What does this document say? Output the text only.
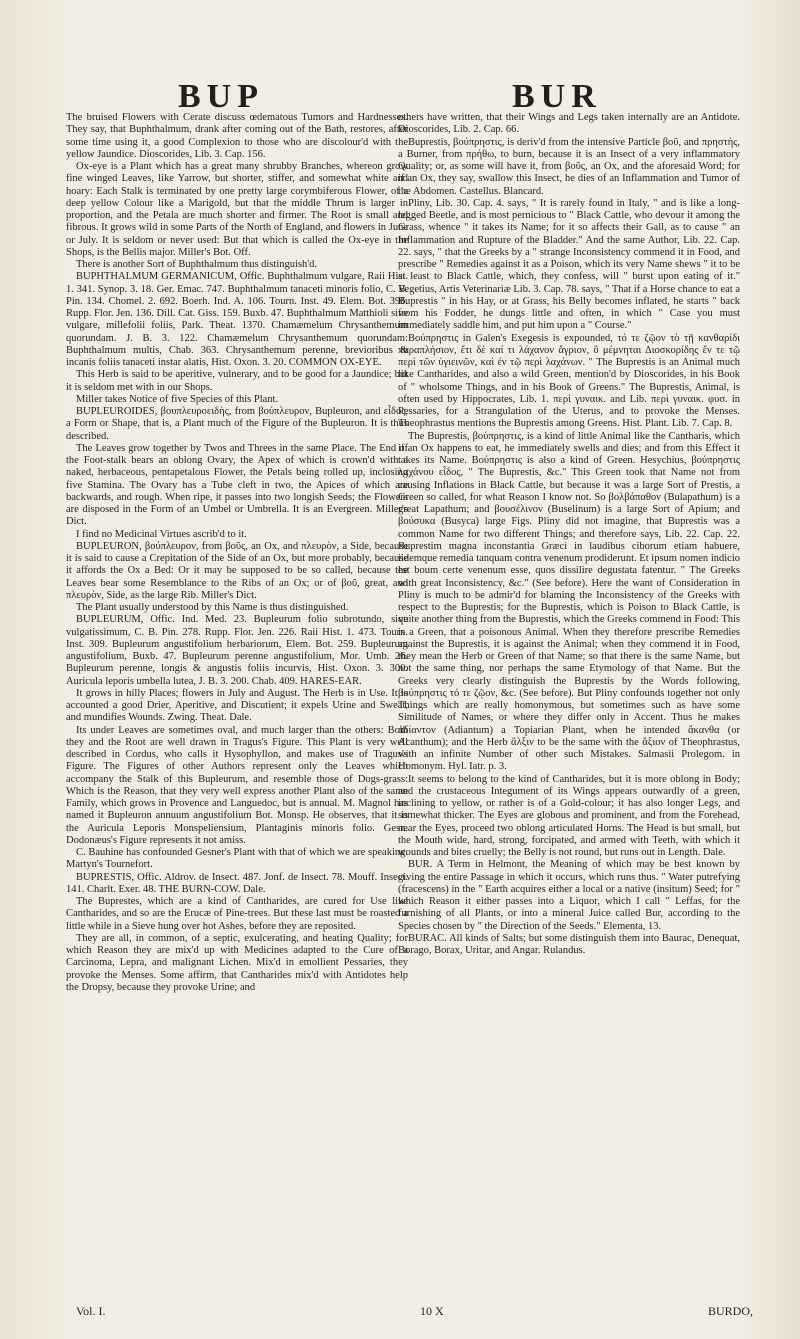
BUP	BUR

The bruised Flowers with Cerate discuss œdematous Tumors and Hardnesses. They say, that Buphthalmum, drank after coming out of the Bath, restores, after some time using it, a good Complexion to those who are discolour'd with the yellow Jaundice. Dioscorides, Lib. 3. Cap. 156.

Ox-eye is a Plant which has a great many shrubby Branches, whereon grow fine winged Leaves, like Yarrow, but shorter, stiffer, and somewhat white and hoary: Each Stalk is terminated by one pretty large corymbiferous Flower, of a deep yellow Colour like a Marigold, but that the middle Thrum is larger in proportion, and the Petala are much shorter and firmer. The Root is small and fibrous. It grows wild in some Parts of the North of England, and flowers in June or July. It is seldom or never used: But that which is called the Ox-eye in the Shops, is the Bellis major. Miller's Bot. Off.

There is another Sort of Buphthalmum thus distinguish'd.

BUPHTHALMUM GERMANICUM, Offic. Buphthalmum vulgare, Raii Hist. 1. 341. Synop. 3. 18. Ger. Emac. 747. Buphthalmum tanaceti minoris folio, C. B. Pin. 134. Chomel. 2. 692. Boerh. Ind. A. 106. Tourn. Inst. 49. Elem. Bot. 396. Rupp. Flor. Jen. 136. Dill. Cat. Giss. 159. Buxb. 47. Buphthalmum Matthioli sive vulgare, millefolii foliis, Park. Theat. 1370. Chamæmelum Chrysanthemum quorundam. J. B. 3. 122. Chamæmelum Chrysanthemum quorundam: Buphthalmum multis, Chab. 363. Chrysanthemum perenne, brevioribus & incanis foliis tanaceti instar alatis, Hist. Oxon. 3. 20. COMMON OX-EYE.

This Herb is said to be aperitive, vulnerary, and to be good for a Jaundice; but it is seldom met with in our Shops.

Miller takes Notice of five Species of this Plant.

BUPLEUROIDES, βουπλευροειδὴς, from βούπλευρον, Bupleuron, and εἶδος, a Form or Shape, that is, a Plant much of the Figure of the Bupleuron. It is thus described.

The Leaves grow together by Twos and Threes in the same Place. The End of the Foot-stalk bears an oblong Ovary, the Apex of which is crown'd with a naked, herbaceous, pentapetalous Flower, the Petals being rolled up, inclosing five Stamina. The Ovary has a Tube cleft in two, the Apices of which are backwards, and rough. When ripe, it passes into two longish Seeds; the Flowers are disposed in the Form of an Umbel or Umbrella. It is an Evergreen. Miller's Dict.

I find no Medicinal Virtues ascrib'd to it.

BUPLEURON, βούπλευρον, from βοῦς, an Ox, and πλευρὸν, a Side, because it is said to cause a Crepitation of the Side of an Ox, but more probably, because it affords the Ox a Bed: Or it may be supposed to be so called, because the Leaves bear some Resemblance to the Ribs of an Ox; or of βοῦ, great, and πλευρὸν, Side, as the large Rib. Miller's Dict.

The Plant usually understood by this Name is thus distinguished.

BUPLEURUM, Offic. Ind. Med. 23. Bupleurum folio subrotundo, sive vulgatissimum, C. B. Pin. 278. Rupp. Flor. Jen. 226. Raii Hist. 1. 473. Tourn. Inst. 309. Bupleurum angustifolium herbariorum, Elem. Bot. 259. Bupleurum angustifolium, Buxb. 47. Bupleurum perenne angustifolium, Mor. Umb. 26. Bupleurum perenne, longis & angustis foliis incurvis, Hist. Oxon. 3. 300. Auricula leporis umbella lutea, J. B. 3. 200. Chab. 409. HARES-EAR.

It grows in hilly Places; flowers in July and August. The Herb is in Use. It is accounted a good Drier, Aperitive, and Discutient; it expels Urine and Sweat, and mundifies Wounds. Zwing. Theat. Dale.

Its under Leaves are sometimes oval, and much larger than the others: Both they and the Root are well drawn in Tragus's Figure. This Plant is very well described in Cordus, who calls it Hysophyllon, and makes use of Tragus's Figure. The Figures of other Authors represent only the Leaves which accompany the Stalk of this Bupleurum, and resemble those of Dogs-grass: Which is the Reason, that they very well express another Plant also of the same Family, which grows in Provence and Languedoc, but is annual. M. Magnol has named it Bupleuron annuum angustifolium Bot. Monsp. He observes, that it is the Auricula Leporis Monspeliensium, Plantaginis minoris folio. Gesn. Dodonæus's Figure represents it not amiss.

C. Bauhine has confounded Gesner's Plant with that of which we are speaking. Martyn's Tournefort.

BUPRESTIS, Offic. Aldrov. de Insect. 487. Jonf. de Insect. 78. Mouff. Insect. 141. Charlt. Exer. 48. THE BURN-COW. Dale.

The Buprestes, which are a kind of Cantharides, are cured for Use like Cantharides, and so are the Erucæ of Pine-trees. But these last must be roasted a little while in a Sieve hung over hot Ashes, before they are reposited.

They are all, in common, of a septic, exulcerating, and heating Quality; for which Reason they are mix'd up with Medicines adapted to the Cure of a Carcinoma, Lepra, and malignant Lichen. Mix'd in emollient Pessaries, they provoke the Menses. Some affirm, that Cantharides mix'd with Antidotes help the Dropsy, because they provoke Urine; and

others have written, that their Wings and Legs taken internally are an Antidote. Dioscorides, Lib. 2. Cap. 66.

Buprestis, βούπρηστις, is deriv'd from the intensive Particle βοῦ, and πρηστὴς, a Burner, from πρήθω, to burn, because it is an Insect of a very inflammatory Quality; or, as some will have it, from βοῦς, an Ox, and the aforesaid Word; for if an Ox, they say, swallow this Insect, he dies of an Inflammation and Tumor of the Abdomen. Castellus. Blancard.

Pliny, Lib. 30. Cap. 4. says, " It is rarely found in Italy, " and is like a long-legged Beetle, and is most pernicious to " Black Cattle, who devour it among the Grass, whence " it takes its Name; for it so affects their Gall, as to cause " an Inflammation and Rupture of the Bladder." And the same Author, Lib. 22. Cap. 22. says, " that the Greeks by a " strange Inconsistency commend it in Food, and prescribe " Remedies against it as a Poison, which its very Name shews " it to be at least to Black Cattle, which, they confess, will " burst upon eating of it." Vegetius, Artis Veterinariæ Lib. 3. Cap. 78. says, " That if a Horse chance to eat a Buprestis " in his Hay, or at Grass, his Belly becomes inflated, he starts " back from his Fodder, he dungs little and often, in which " Case you must immediately saddle him, and put him upon a " Course."

Βούπρηστις in Galen's Exegesis is expounded, τό τε ζῷον τὸ τῇ κανθαρίδι παραπλήσιον, ἔτι δὲ καί τι λάχανον ἄγριον, ὃ μέμνηται Διοσκορίδης ἔν τε τῷ περὶ τῶν ὑγιεινῶν, καὶ ἐν τῷ περὶ λαχάνων. " The Buprestis is an Animal much like Cantharides, and also a wild Green, mention'd by Dioscorides, in his Book of " wholsome Things, and in his Book of Greens." The Buprestis, Animal, is often used by Hippocrates, Lib. 1. περὶ γυναικ. and Lib. περὶ γυναικ. φυσ. in Pessaries, for a Strangulation of the Uterus, and to provoke the Menses. Theophrastus mentions the Buprestis among Greens. Hist. Plant. Lib. 7. Cap. 8.

The Buprestis, βούπρηστις, is a kind of little Animal like the Cantharis, which if an Ox happens to eat, he immediately swells and dies; and from this Effect it takes its Name. Βούπρηστις is also a kind of Green. Hesychius, βούπρηστις λαχάνου εἶδος, " The Buprestis, &c." This Green took that Name not from causing Inflations in Black Cattle, but because it was a large Sort of Prestis, a Green so called, for what Reason I know not. So βολβάπαθον (Bulapathum) is a great Lapathum; and βουσέλινον (Buselinum) is a large Sort of Apium; and βούσυκα (Busyca) large Figs. Pliny did not imagine, that Buprestis was a common Name for two different Things; and therefore says, Lib. 22. Cap. 22. Buprestim magna inconstantia Græci in laudibus ciborum etiam habuere, iidemque remedia tanquam contra venenum prodiderunt. Et ipsum nomen indicio est boum certe venenum esse, quos dissilire degustata fatentur. " The Greeks with great Inconsistency, &c." (See before). Here the want of Consideration in Pliny is much to be admir'd for blaming the Inconsistency of the Greeks with respect to the Buprestis; for the Buprestis, which is Poison to Black Cattle, is quite another thing from the Buprestis, which the Greeks commend in Food: This is a Green, that a poisonous Animal. When they therefore prescribe Remedies against the Buprestis, it is against the Animal; when they commend it in Food, they mean the Herb or Green of that Name; so that there is the same Name, but not the same thing, nor perhaps the same Etymology of that Name. But the Greeks very clearly distinguish the Buprestis by the Words following, βούπρηστις τό τε ζῷον, &c. (See before). But Pliny confounds together not only Things which are really homonymous, but sometimes such as have some Similitude of Names, or where they differ only in Accent. Thus he makes ἀδίαντον (Adiantum) a Topiarian Plant, when he intended ἄκανθα (or Acanthum); and the Herb ἄλξιν to be the same with the ἄξιον of Theophrastus, with an infinite Number of other such Mistakes. Salmasii Prolegom. in Homonym. Hyl. Iatr. p. 3.

It seems to belong to the kind of Cantharides, but it is more oblong in Body; and the crustaceous Integument of its Wings appears outwardly of a green, inclining to yellow, or rather is of a Gold-colour; it has also longer Legs, and somewhat thicker. The Eyes are globous and prominent, and from the Forehead, near the Eyes, proceed two oblong articulated Horns. The Head is but small, but the Mouth wide, hard, strong, forcipated, and armed with Teeth, with which it wounds and bites cruelly; the Belly is not round, but runs out in Length. Dale.

BUR. A Term in Helmont, the Meaning of which may be best known by giving the entire Passage in which it occurs, which runs thus. " Water putrefying (fracescens) in the " Earth acquires either a local or a native (insitum) Seed; for " which Reason it either passes into a Liquor, which I call " Leffas, for the furnishing of all Plants, or into a mineral Juice called Bur, according to the Species chosen by " the Direction of the Seeds." Elementa, 13.

BURAC. All kinds of Salts; but some distinguish them into Baurac, Denequat, Borago, Borax, Uritar, and Angar. Rulandus.

Vol. I.	10 X	BURDO,
